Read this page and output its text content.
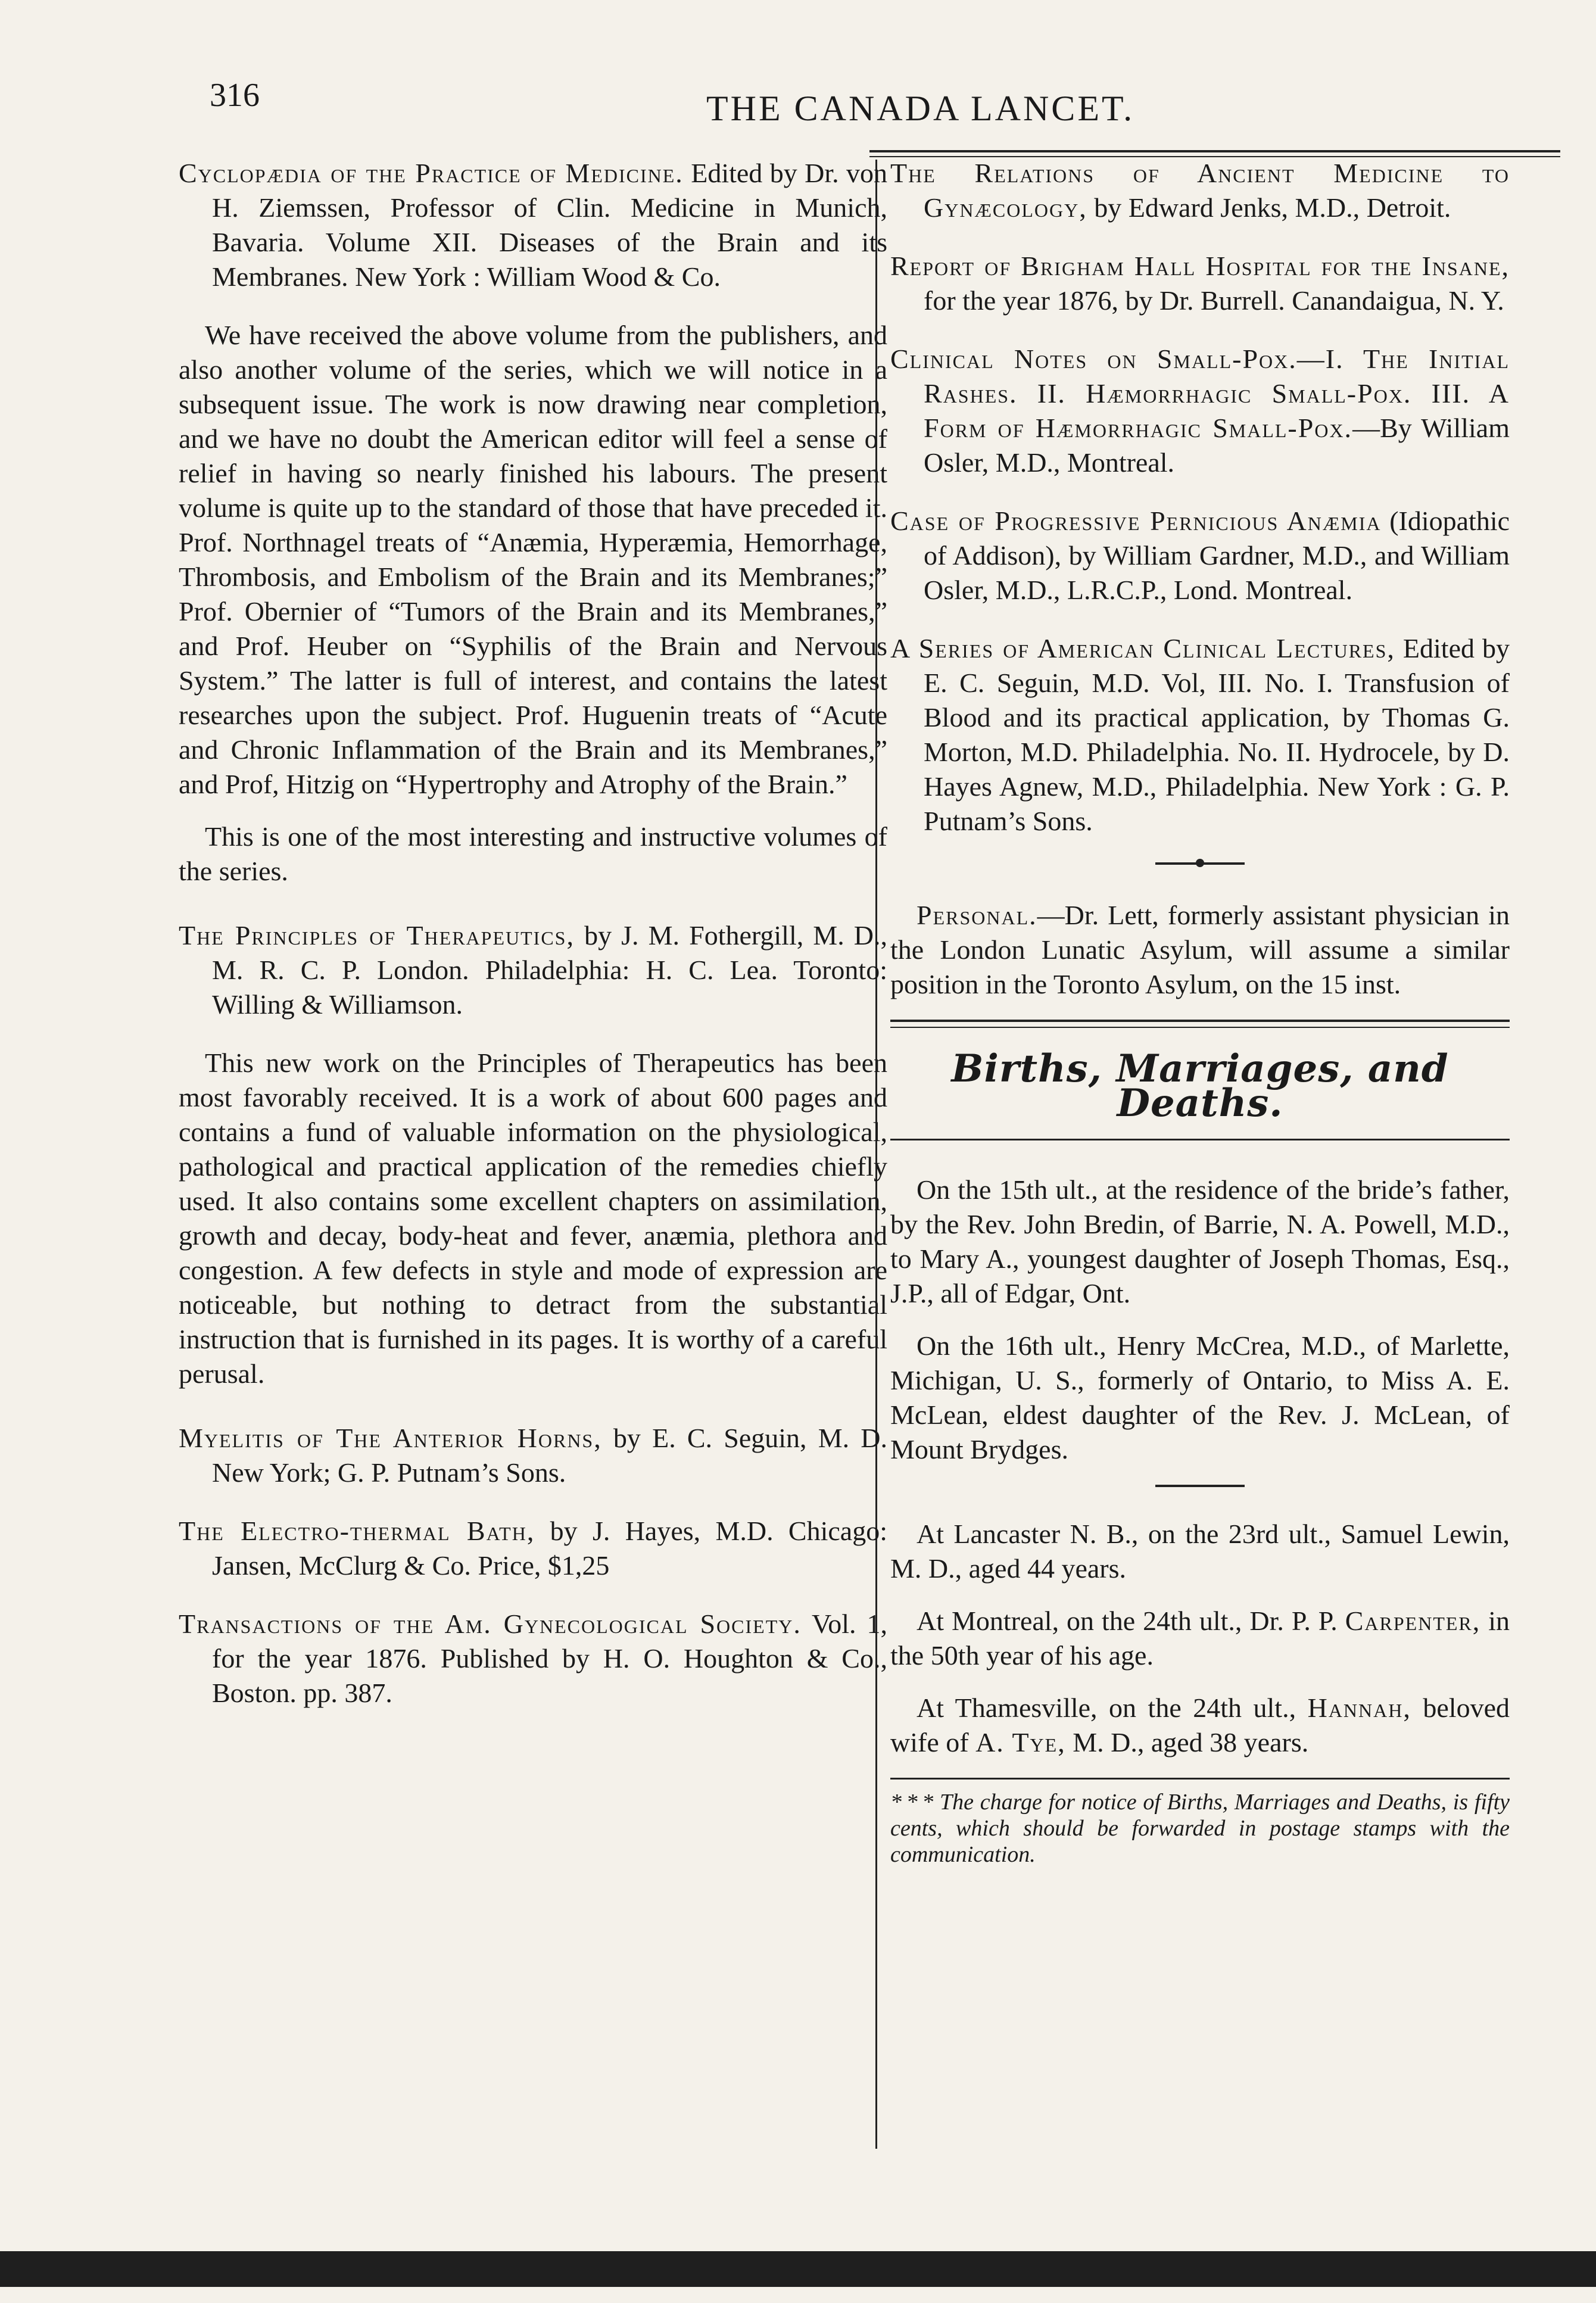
316	THE CANADA LANCET.
Cyclopædia of the Practice of Medicine. Edited by Dr. von H. Ziemssen, Professor of Clin. Medicine in Munich, Bavaria. Volume XII. Diseases of the Brain and its Membranes. New York : William Wood & Co.

We have received the above volume from the publishers, and also another volume of the series, which we will notice in a subsequent issue. The work is now drawing near completion, and we have no doubt the American editor will feel a sense of relief in having so nearly finished his labours. The present volume is quite up to the standard of those that have preceded it. Prof. Northnagel treats of “Anæmia, Hyperæmia, Hemorrhage, Thrombosis, and Embolism of the Brain and its Membranes;” Prof. Obernier of “Tumors of the Brain and its Membranes,” and Prof. Heuber on “Syphilis of the Brain and Nervous System.” The latter is full of interest, and contains the latest researches upon the subject. Prof. Huguenin treats of “Acute and Chronic Inflammation of the Brain and its Membranes,” and Prof, Hitzig on “Hypertrophy and Atrophy of the Brain.”

This is one of the most interesting and instructive volumes of the series.

The Principles of Therapeutics, by J. M. Fothergill, M. D., M. R. C. P. London. Philadelphia: H. C. Lea. Toronto: Willing & Williamson.

This new work on the Principles of Therapeutics has been most favorably received. It is a work of about 600 pages and contains a fund of valuable information on the physiological, pathological and practical application of the remedies chiefly used. It also contains some excellent chapters on assimilation, growth and decay, body-heat and fever, anæmia, plethora and congestion. A few defects in style and mode of expression are noticeable, but nothing to detract from the substantial instruction that is furnished in its pages. It is worthy of a careful perusal.

Myelitis of The Anterior Horns, by E. C. Seguin, M. D. New York; G. P. Putnam’s Sons.
The Electro-thermal Bath, by J. Hayes, M.D. Chicago: Jansen, McClurg & Co. Price, $1,25
Transactions of the Am. Gynecological Society. Vol. 1, for the year 1876. Published by H. O. Houghton & Co., Boston. pp. 387.
The Relations of Ancient Medicine to Gynæcology, by Edward Jenks, M.D., Detroit.
Report of Brigham Hall Hospital for the Insane, for the year 1876, by Dr. Burrell. Canandaigua, N. Y.
Clinical Notes on Small-Pox.—I. The Initial Rashes. II. Hæmorrhagic Small-Pox. III. A Form of Hæmorrhagic Small-Pox.—By William Osler, M.D., Montreal.
Case of Progressive Pernicious Anæmia (Idiopathic of Addison), by William Gardner, M.D., and William Osler, M.D., L.R.C.P., Lond. Montreal.
A Series of American Clinical Lectures, Edited by E. C. Seguin, M.D. Vol, III. No. I. Transfusion of Blood and its practical application, by Thomas G. Morton, M.D. Philadelphia. No. II. Hydrocele, by D. Hayes Agnew, M.D., Philadelphia. New York : G. P. Putnam’s Sons.

Personal.—Dr. Lett, formerly assistant physician in the London Lunatic Asylum, will assume a similar position in the Toronto Asylum, on the 15 inst.

Births, Marriages, and Deaths.

On the 15th ult., at the residence of the bride’s father, by the Rev. John Bredin, of Barrie, N. A. Powell, M.D., to Mary A., youngest daughter of Joseph Thomas, Esq., J.P., all of Edgar, Ont.

On the 16th ult., Henry McCrea, M.D., of Marlette, Michigan, U. S., formerly of Ontario, to Miss A. E. McLean, eldest daughter of the Rev. J. McLean, of Mount Brydges.

At Lancaster N. B., on the 23rd ult., Samuel Lewin, M. D., aged 44 years.

At Montreal, on the 24th ult., Dr. P. P. Carpenter, in the 50th year of his age.

At Thamesville, on the 24th ult., Hannah, beloved wife of A. Tye, M. D., aged 38 years.

* * * The charge for notice of Births, Marriages and Deaths, is fifty cents, which should be forwarded in postage stamps with the communication.
